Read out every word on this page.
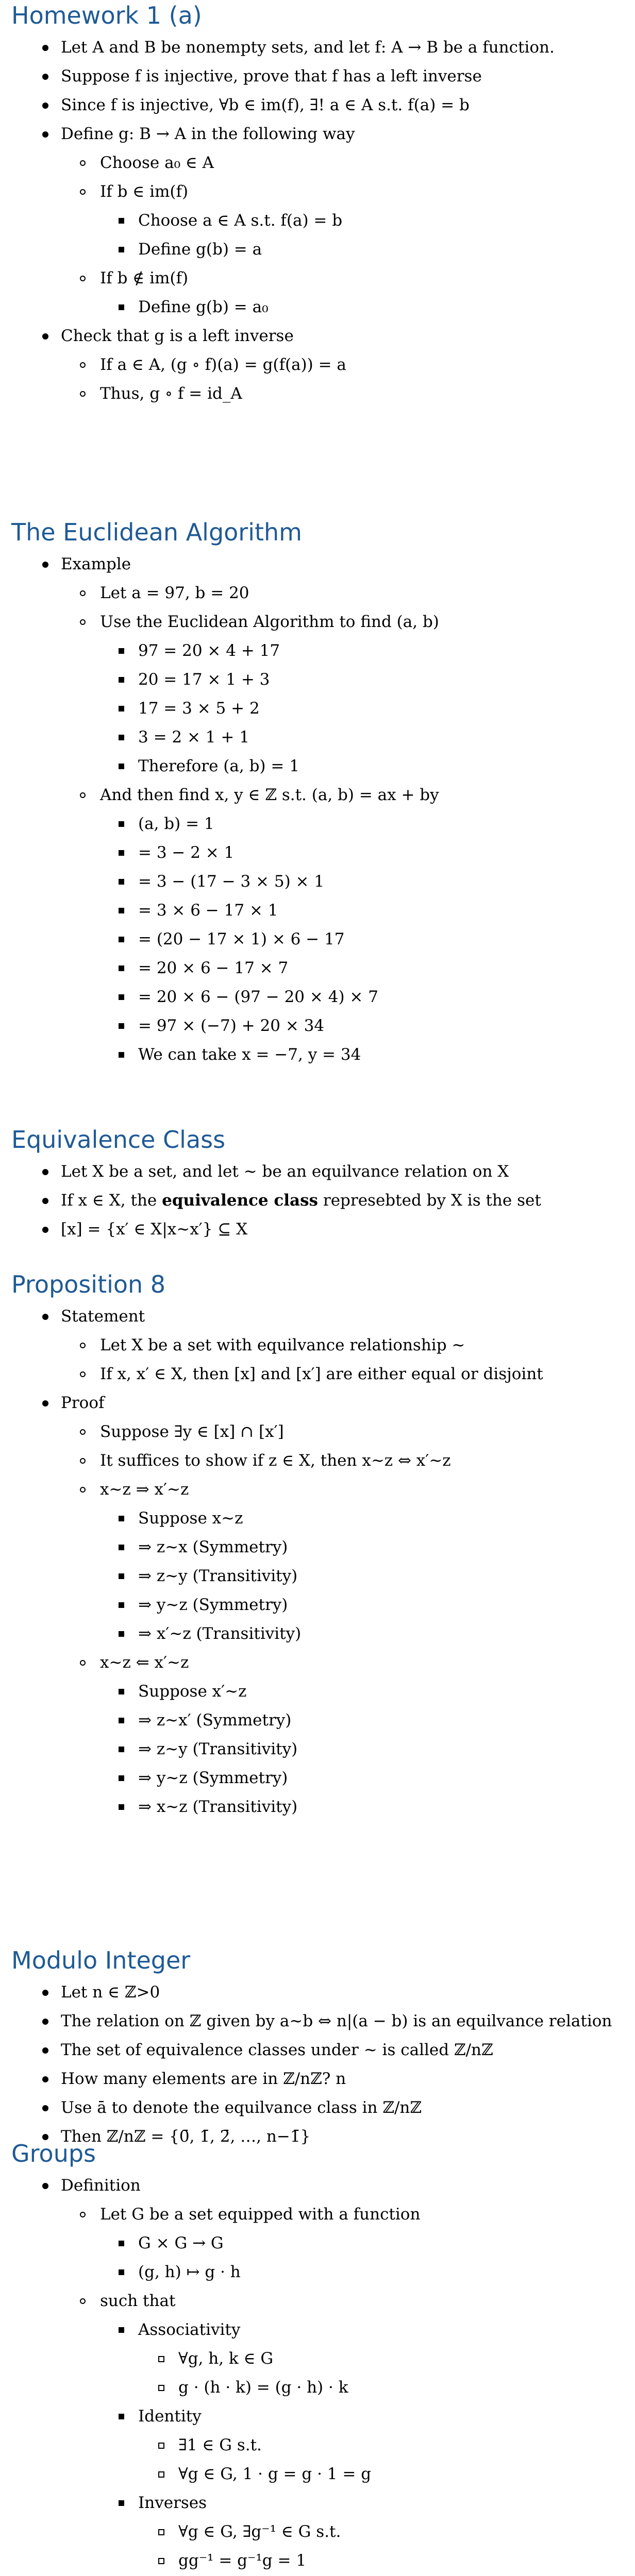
Homework 1 (a)
Let A and B be nonempty sets, and let f: A → B be a function.
Suppose f is injective, prove that f has a left inverse
Since f is injective, ∀b ∈ im(f), ∃! a ∈ A s.t. f(a) = b
Define g: B → A in the following way
Choose a₀ ∈ A
If b ∈ im(f)
Choose a ∈ A s.t. f(a) = b
Define g(b) = a
If b ∉ im(f)
Define g(b) = a₀
Check that g is a left inverse
If a ∈ A, (g ∘ f)(a) = g(f(a)) = a
Thus, g ∘ f = id_A
The Euclidean Algorithm
Example
Let a = 97, b = 20
Use the Euclidean Algorithm to find (a, b)
97 = 20 × 4 + 17
20 = 17 × 1 + 3
17 = 3 × 5 + 2
3 = 2 × 1 + 1
Therefore (a, b) = 1
And then find x, y ∈ ℤ s.t. (a, b) = ax + by
(a, b) = 1
= 3 − 2 × 1
= 3 − (17 − 3 × 5) × 1
= 3 × 6 − 17 × 1
= (20 − 17 × 1) × 6 − 17
= 20 × 6 − 17 × 7
= 20 × 6 − (97 − 20 × 4) × 7
= 97 × (−7) + 20 × 34
We can take x = −7, y = 34
Equivalence Class
Let X be a set, and let ~ be an equilvance relation on X
If x ∈ X, the equivalence class represebted by X is the set
[x] = {x′ ∈ X|x~x′} ⊆ X
Proposition 8
Statement
Let X be a set with equilvance relationship ~
If x, x′ ∈ X, then [x] and [x′] are either equal or disjoint
Proof
Suppose ∃y ∈ [x] ∩ [x′]
It suffices to show if z ∈ X, then x~z ⇔ x′~z
x~z ⇒ x′~z
Suppose x~z
⇒ z~x (Symmetry)
⇒ z~y (Transitivity)
⇒ y~z (Symmetry)
⇒ x′~z (Transitivity)
x~z ⇐ x′~z
Suppose x′~z
⇒ z~x′ (Symmetry)
⇒ z~y (Transitivity)
⇒ y~z (Symmetry)
⇒ x~z (Transitivity)
Modulo Integer
Let n ∈ ℤ>0
The relation on ℤ given by a~b ⇔ n|(a − b) is an equilvance relation
The set of equivalence classes under ~ is called ℤ/nℤ
How many elements are in ℤ/nℤ? n
Use ā to denote the equilvance class in ℤ/nℤ
Then ℤ/nℤ = {0̄, 1̄, 2̄, …, n−1̄}
Groups
Definition
Let G be a set equipped with a function
G × G → G
(g, h) ↦ g · h
such that
Associativity
∀g, h, k ∈ G
g · (h · k) = (g · h) · k
Identity
∃1 ∈ G s.t.
∀g ∈ G, 1 · g = g · 1 = g
Inverses
∀g ∈ G, ∃g⁻¹ ∈ G s.t.
gg⁻¹ = g⁻¹g = 1
